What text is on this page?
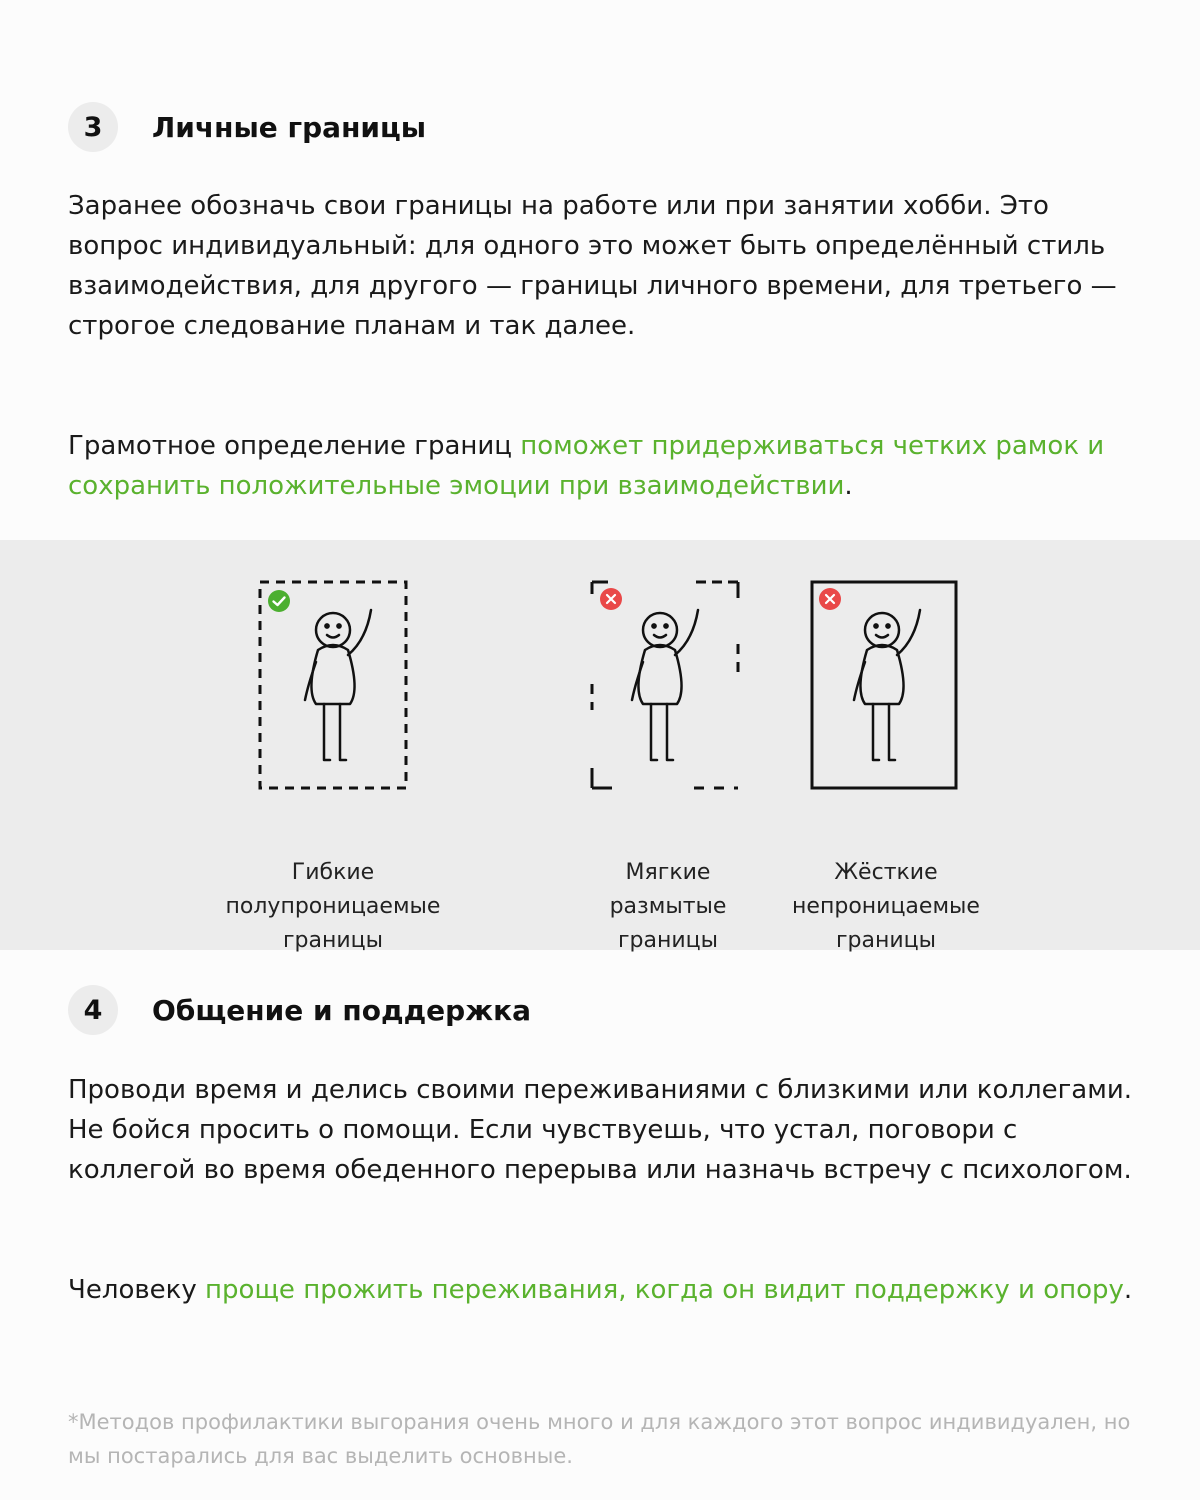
3	Личные границы

Заранее обозначь свои границы на работе или при занятии хобби. Это вопрос индивидуальный: для одного это может быть определённый стиль взаимодействия, для другого — границы личного времени, для третьего — строгое следование планам и так далее.

Грамотное определение границ поможет придерживаться четких рамок и сохранить положительные эмоции при взаимодействии.

Гибкие
полупроницаемые
границы
Мягкие
размытые
границы
Жёсткие
непроницаемые
границы
4	Общение и поддержка

Проводи время и делись своими переживаниями с близкими или коллегами. Не бойся просить о помощи. Если чувствуешь, что устал, поговори с коллегой во время обеденного перерыва или назначь встречу с психологом.

Человеку проще прожить переживания, когда он видит поддержку и опору.

*Методов профилактики выгорания очень много и для каждого этот вопрос индивидуален, но мы постарались для вас выделить основные.
